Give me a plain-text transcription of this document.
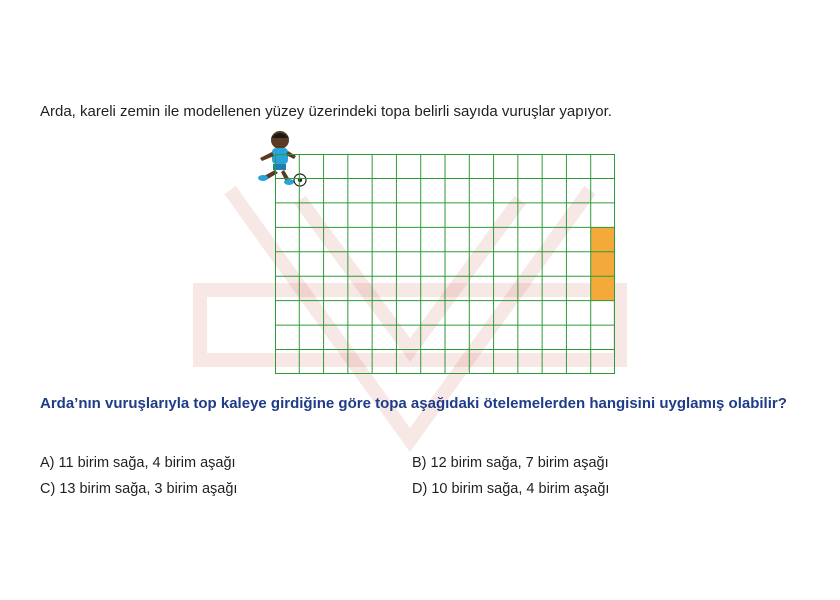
Arda, kareli zemin ile modellenen yüzey üzerindeki topa belirli sayıda vuruşlar yapıyor.
Arda’nın vuruşlarıyla top kaleye girdiğine göre topa aşağıdaki ötelemelerden hangisini uyglamış olabilir?
A) 11 birim sağa, 4 birim aşağı	B) 12 birim sağa, 7 birim aşağı
C) 13 birim sağa, 3 birim aşağı	D) 10 birim sağa, 4 birim aşağı
